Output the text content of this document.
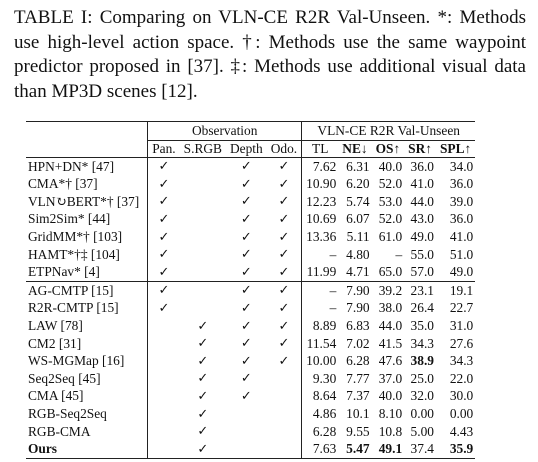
TABLE I: Comparing on VLN-CE R2R Val-Unseen. *: Methods use high-level action space. †: Methods use the same waypoint predictor proposed in [37]. ‡: Methods use additional visual data than MP3D scenes [12].
	Observation				VLN-CE R2R Val-Unseen				
	Pan.	S.RGB	Depth	Odo.	TL	NE↓	OS↑	SR↑	SPL↑
HPN+DN* [47]	✓		✓	✓	7.62	6.31	40.0	36.0	34.0
CMA*† [37]	✓		✓	✓	10.90	6.20	52.0	41.0	36.0
VLN↻BERT*† [37]	✓		✓	✓	12.23	5.74	53.0	44.0	39.0
Sim2Sim* [44]	✓		✓	✓	10.69	6.07	52.0	43.0	36.0
GridMM*† [103]	✓		✓	✓	13.36	5.11	61.0	49.0	41.0
HAMT*†‡ [104]	✓		✓	✓	–	4.80	–	55.0	51.0
ETPNav* [4]	✓		✓	✓	11.99	4.71	65.0	57.0	49.0
AG-CMTP [15]	✓		✓	✓	–	7.90	39.2	23.1	19.1
R2R-CMTP [15]	✓		✓	✓	–	7.90	38.0	26.4	22.7
LAW [78]		✓	✓	✓	8.89	6.83	44.0	35.0	31.0
CM2 [31]		✓	✓	✓	11.54	7.02	41.5	34.3	27.6
WS-MGMap [16]		✓	✓	✓	10.00	6.28	47.6	38.9	34.3
Seq2Seq [45]		✓	✓		9.30	7.77	37.0	25.0	22.0
CMA [45]		✓	✓		8.64	7.37	40.0	32.0	30.0
RGB-Seq2Seq		✓			4.86	10.1	8.10	0.00	0.00
RGB-CMA		✓			6.28	9.55	10.8	5.00	4.43
Ours		✓			7.63	5.47	49.1	37.4	35.9
